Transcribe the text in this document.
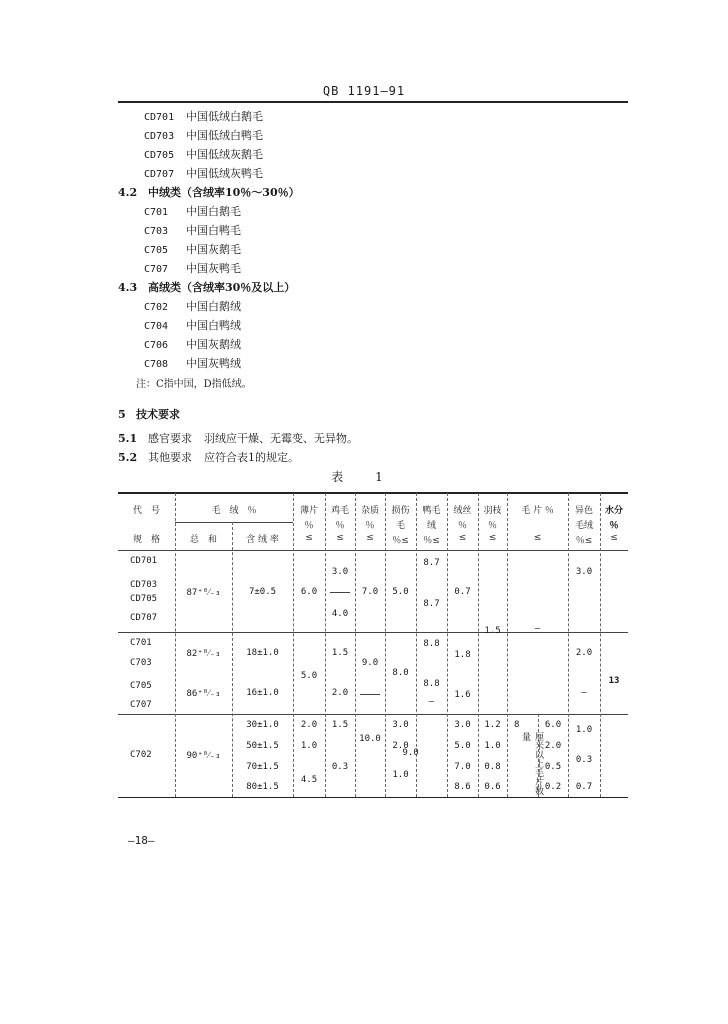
QB 1191—91
CD701 中国低绒白鹅毛
CD703 中国低绒白鸭毛
CD705 中国低绒灰鹅毛
CD707 中国低绒灰鸭毛
4.2 中绒类（含绒率10％～30％）
C701 中国白鹅毛
C703 中国白鸭毛
C705 中国灰鹅毛
C707 中国灰鸭毛
4.3 高绒类（含绒率30％及以上）
C702 中国白鹅绒
C704 中国白鸭绒
C706 中国灰鹅绒
C708 中国灰鸭绒
注：C指中国，D指低绒。
5 技术要求
5.1 感官要求 羽绒应干燥、无霉变、无异物。
5.2 其他要求 应符合表1的规定。
表 1
代　号
规　格
毛　绒　％
总　和	含 绒 率
薄片
％
≤
鸡毛
％
≤
杂质
％
≤
损伤
毛
％≤
鸭毛
绒
％≤
绒丝
％
≤
羽枝
％
≤
毛 片 ％
≤
异色
毛绒
％≤
水分
％
≤
CD701
CD703
CD705
CD707
C701
C703
C705
C707
C702
87⁺⁰⁄₋₃
82⁺⁰⁄₋₃
86⁺⁰⁄₋₃
90⁺⁰⁄₋₃
7±0.5
18±1.0
16±1.0
30±1.0
50±1.5
70±1.5
80±1.5
6.0
5.0
2.0
1.0
4.5
3.0
4.0
1.5
2.0
1.5
0.3
7.0
9.0
10.0
5.0
8.0
3.0
2.0
1.0
8.7
8.7
8.8
8.8
—
9.0
0.7
1.8
1.6
3.0
5.0
7.0
8.6
1.5
1.2
1.0
0.8
0.6
—
8
厘米以上毛片数量
6.0
2.0
0.5
0.2
3.0
2.0
—
1.0
0.3
0.7
13
—18—
